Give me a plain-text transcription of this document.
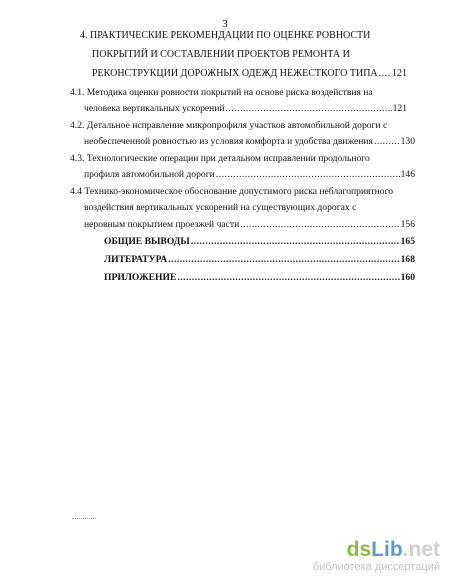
3
4. ПРАКТИЧЕСКИЕ РЕКОМЕНДАЦИИ ПО ОЦЕНКЕ РОВНОСТИ
ПОКРЫТИЙ И СОСТАВЛЕНИИ ПРОЕКТОВ РЕМОНТА И
РЕКОНСТРУКЦИИ ДОРОЖНЫХ ОДЕЖД НЕЖЕСТКОГО ТИПА ..... 121
4.1. Методика оценки ровности покрытий на основе риска воздействия на
человека вертикальных ускорений .....	121
4.2. Детальное исправление микропрофиля участков автомобильной дороги с
необеспеченной ровностью из условия комфорта и удобства движения .....	130
4.3. Технологические операции при детальном исправлении продольного
профиля автомобильной дороги .....	146
4.4 Технико-экономическое обоснование допустимого риска неблагоприятного
воздействия вертикальных ускорений на существующих дорогах с
неровным покрытием проезжей части .....	156
ОБЩИЕ ВЫВОДЫ .....	165
ЛИТЕРАТУРА .....	168
ПРИЛОЖЕНИЕ .....	160
dsLib.net
библиотека диссертаций
